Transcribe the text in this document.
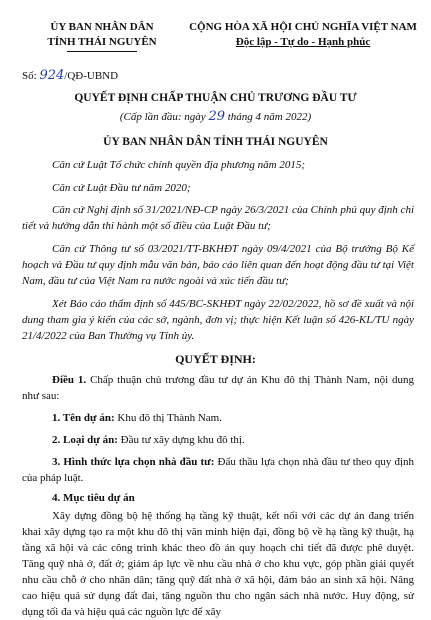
ỦY BAN NHÂN DÂN
TỈNH THÁI NGUYÊN
CỘNG HÒA XÃ HỘI CHỦ NGHĨA VIỆT NAM
Độc lập - Tự do - Hạnh phúc
Số: 924/QĐ-UBND
QUYẾT ĐỊNH CHẤP THUẬN CHỦ TRƯƠNG ĐẦU TƯ
(Cấp lần đầu: ngày 29 tháng 4 năm 2022)
ỦY BAN NHÂN DÂN TỈNH THÁI NGUYÊN
Căn cứ Luật Tổ chức chính quyền địa phương năm 2015;
Căn cứ Luật Đầu tư năm 2020;
Căn cứ Nghị định số 31/2021/NĐ-CP ngày 26/3/2021 của Chính phủ quy định chi tiết và hướng dẫn thi hành một số điều của Luật Đầu tư;
Căn cứ Thông tư số 03/2021/TT-BKHĐT ngày 09/4/2021 của Bộ trưởng Bộ Kế hoạch và Đầu tư quy định mẫu văn bản, báo cáo liên quan đến hoạt động đầu tư tại Việt Nam, đầu tư của Việt Nam ra nước ngoài và xúc tiến đầu tư;
Xét Báo cáo thẩm định số 445/BC-SKHĐT ngày 22/02/2022, hồ sơ đề xuất và nội dung tham gia ý kiến của các sở, ngành, đơn vị; thực hiện Kết luận số 426-KL/TU ngày 21/4/2022 của Ban Thường vụ Tỉnh ủy.
QUYẾT ĐỊNH:
Điều 1. Chấp thuận chủ trương đầu tư dự án Khu đô thị Thành Nam, nội dung như sau:
1. Tên dự án: Khu đô thị Thành Nam.
2. Loại dự án: Đầu tư xây dựng khu đô thị.
3. Hình thức lựa chọn nhà đầu tư: Đấu thầu lựa chọn nhà đầu tư theo quy định của pháp luật.
4. Mục tiêu dự án
Xây dựng đồng bộ hệ thống hạ tầng kỹ thuật, kết nối với các dự án đang triển khai xây dựng tạo ra một khu đô thị văn minh hiện đại, đồng bộ về hạ tầng kỹ thuật, hạ tầng xã hội và các công trình khác theo đồ án quy hoạch chi tiết đã được phê duyệt. Tăng quỹ nhà ở, đất ở; giảm áp lực về nhu cầu nhà ở cho khu vực, góp phần giải quyết nhu cầu chỗ ở cho nhân dân; tăng quỹ đất nhà ở xã hội, đảm bảo an sinh xã hội. Nâng cao hiệu quả sử dụng đất đai, tăng nguồn thu cho ngân sách nhà nước. Huy động, sử dụng tối đa và hiệu quả các nguồn lực để xây
